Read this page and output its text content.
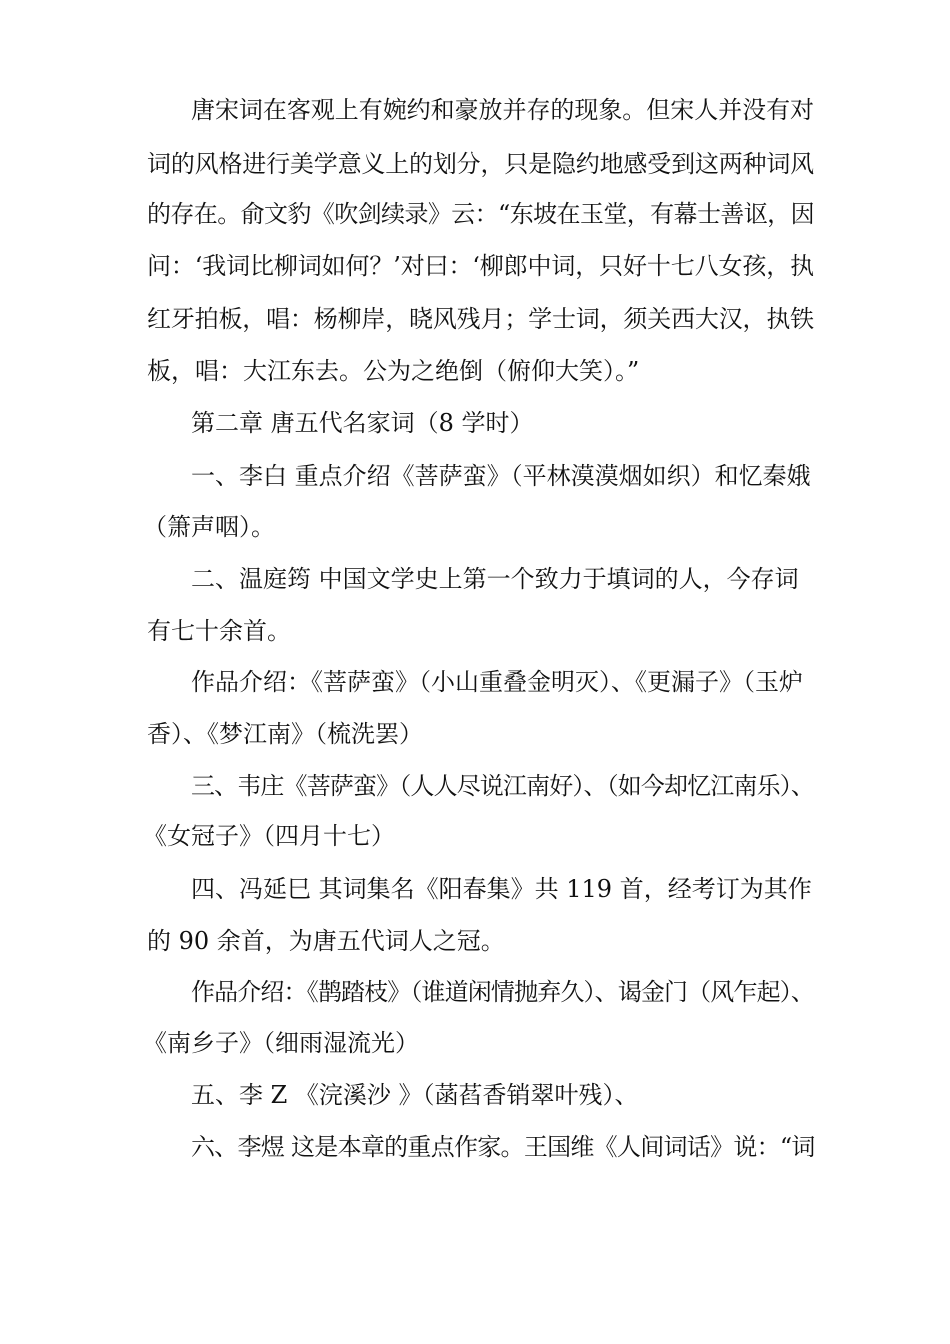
唐宋词在客观上有婉约和豪放并存的现象。但宋人并没有对
词的风格进行美学意义上的划分，只是隐约地感受到这两种词风
的存在。俞文豹《吹剑续录》云：“东坡在玉堂，有幕士善讴，因
问：‘我词比柳词如何？’对曰：‘柳郎中词，只好十七八女孩，执
红牙拍板，唱：杨柳岸，晓风残月；学士词，须关西大汉，执铁
板，唱：大江东去。公为之绝倒（俯仰大笑）。”
第二章 唐五代名家词（8 学时）
一、李白 重点介绍《菩萨蛮》（平林漠漠烟如织）和忆秦娥
（箫声咽）。
二、温庭筠 中国文学史上第一个致力于填词的人，今存词
有七十余首。
作品介绍：《菩萨蛮》（小山重叠金明灭）、《更漏子》（玉炉
香）、《梦江南》（梳洗罢）
三、韦庄《菩萨蛮》（人人尽说江南好）、（如今却忆江南乐）、
《女冠子》（四月十七）
四、冯延巳 其词集名《阳春集》共 119 首，经考订为其作
的 90 余首，为唐五代词人之冠。
作品介绍：《鹊踏枝》（谁道闲情抛弃久）、谒金门（风乍起）、
《南乡子》（细雨湿流光）
五、李 Z 《浣溪沙 》（菡萏香销翠叶残）、
六、李煜 这是本章的重点作家。王国维《人间词话》说：“词
